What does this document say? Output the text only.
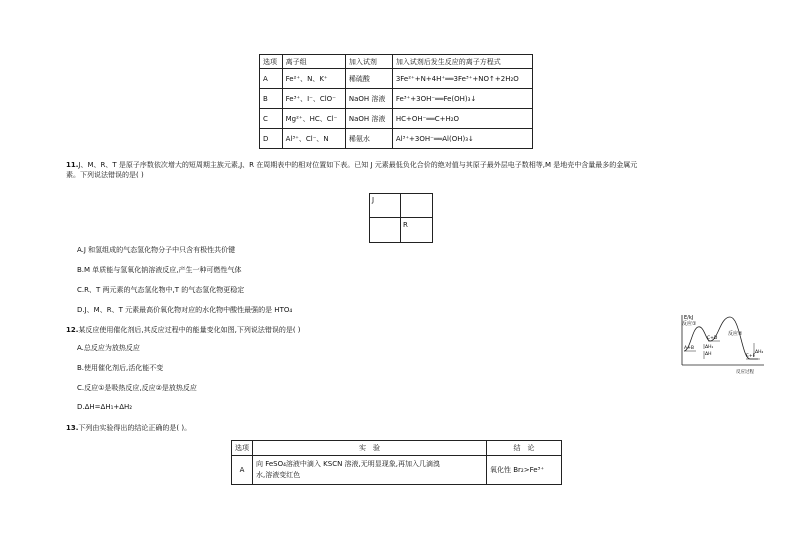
选项	离子组	加入试剂	加入试剂后发生反应的离子方程式
A	Fe²⁺、N、K⁺	稀硫酸	3Fe²⁺+N+4H⁺══3Fe³⁺+NO↑+2H₂O
B	Fe³⁺、I⁻、ClO⁻	NaOH 溶液	Fe³⁺+3OH⁻══Fe(OH)₃↓
C	Mg²⁺、HC、Cl⁻	NaOH 溶液	HC+OH⁻══C+H₂O
D	Al³⁺、Cl⁻、N	稀氨水	Al³⁺+3OH⁻══Al(OH)₃↓
11.J、M、R、T 是原子序数依次增大的短周期主族元素,J、R 在周期表中的相对位置如下表。已知 J 元素最低负化合价的绝对值与其原子最外层电子数相等,M 是地壳中含量最多的金属元
素。下列说法错误的是( )
J
R
A.J 和氢组成的气态氢化物分子中只含有极性共价键
B.M 单质能与氢氧化钠溶液反应,产生一种可燃性气体
C.R、T 两元素的气态氢化物中,T 的气态氢化物更稳定
D.J、M、R、T 元素最高价氧化物对应的水化物中酸性最强的是 HTO₄
12.某反应使用催化剂后,其反应过程中的能量变化如图,下列说法错误的是( )
A.总反应为放热反应
B.使用催化剂后,活化能不变
C.反应①是吸热反应,反应②是放热反应
D.ΔH=ΔH₁+ΔH₂
E/kJ
反应①
反应②
A+B
C+D
E+F
ΔH
ΔH₁
ΔH₂
反应过程
13.下列由实验得出的结论正确的是( )。
选项	实　验	结　论
A	向 FeSO₄溶液中滴入 KSCN 溶液,无明显现象,再加入几滴溴
水,溶液变红色	氧化性 Br₂>Fe³⁺
